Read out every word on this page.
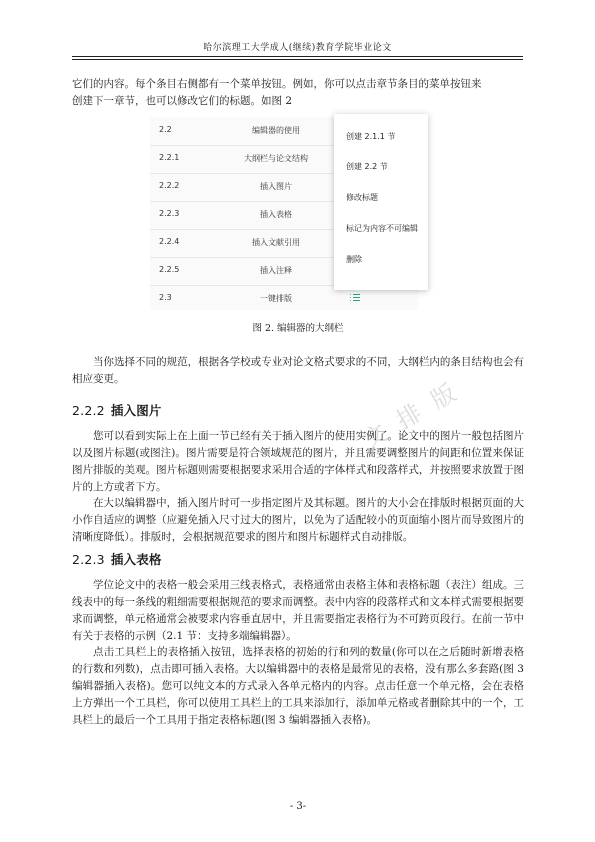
哈尔滨理工大学成人(继续)教育学院毕业论文

它们的内容。每个条目右侧都有一个菜单按钮。例如，你可以点击章节条目的菜单按钮来

创建下一章节，也可以修改它们的标题。如图 2

2.2	编辑器的使用
2.2.1	大纲栏与论文结构
2.2.2	插入图片
2.2.3	插入表格
2.2.4	插入文献引用
2.2.5	插入注释
2.3	一键排版
创建 2.1.1 节
创建 2.2 节
修改标题
标记为内容不可编辑
删除
图 2. 编辑器的大纲栏

当你选择不同的规范，根据各学校或专业对论文格式要求的不同，大纲栏内的条目结构也会有相应变更。	文 排 版
2.2.2 插入图片

您可以看到实际上在上面一节已经有关于插入图片的使用实例了。论文中的图片一般包括图片以及图片标题(或图注)。图片需要是符合领域规范的图片，并且需要调整图片的间距和位置来保证图片排版的美观。图片标题则需要根据要求采用合适的字体样式和段落样式，并按照要求放置于图片的上方或者下方。

在大以编辑器中，插入图片时可一步指定图片及其标题。图片的大小会在排版时根据页面的大小作自适应的调整（应避免插入尺寸过大的图片，以免为了适配较小的页面缩小图片而导致图片的清晰度降低）。排版时，会根据规范要求的图片和图片标题样式自动排版。

2.2.3 插入表格

学位论文中的表格一般会采用三线表格式，表格通常由表格主体和表格标题（表注）组成。三线表中的每一条线的粗细需要根据规范的要求而调整。表中内容的段落样式和文本样式需要根据要求而调整，单元格通常会被要求内容垂直居中，并且需要指定表格行为不可跨页段行。在前一节中有关于表格的示例（2.1 节：支持多端编辑器）。

点击工具栏上的表格插入按钮，选择表格的初始的行和列的数量(你可以在之后随时新增表格的行数和列数)，点击即可插入表格。大以编辑器中的表格是最常见的表格，没有那么多套路(图 3 编辑器插入表格)。您可以纯文本的方式录入各单元格内的内容。点击任意一个单元格，会在表格上方弹出一个工具栏，你可以使用工具栏上的工具来添加行，添加单元格或者删除其中的一个，工具栏上的最后一个工具用于指定表格标题(图 3 编辑器插入表格)。

- 3-
